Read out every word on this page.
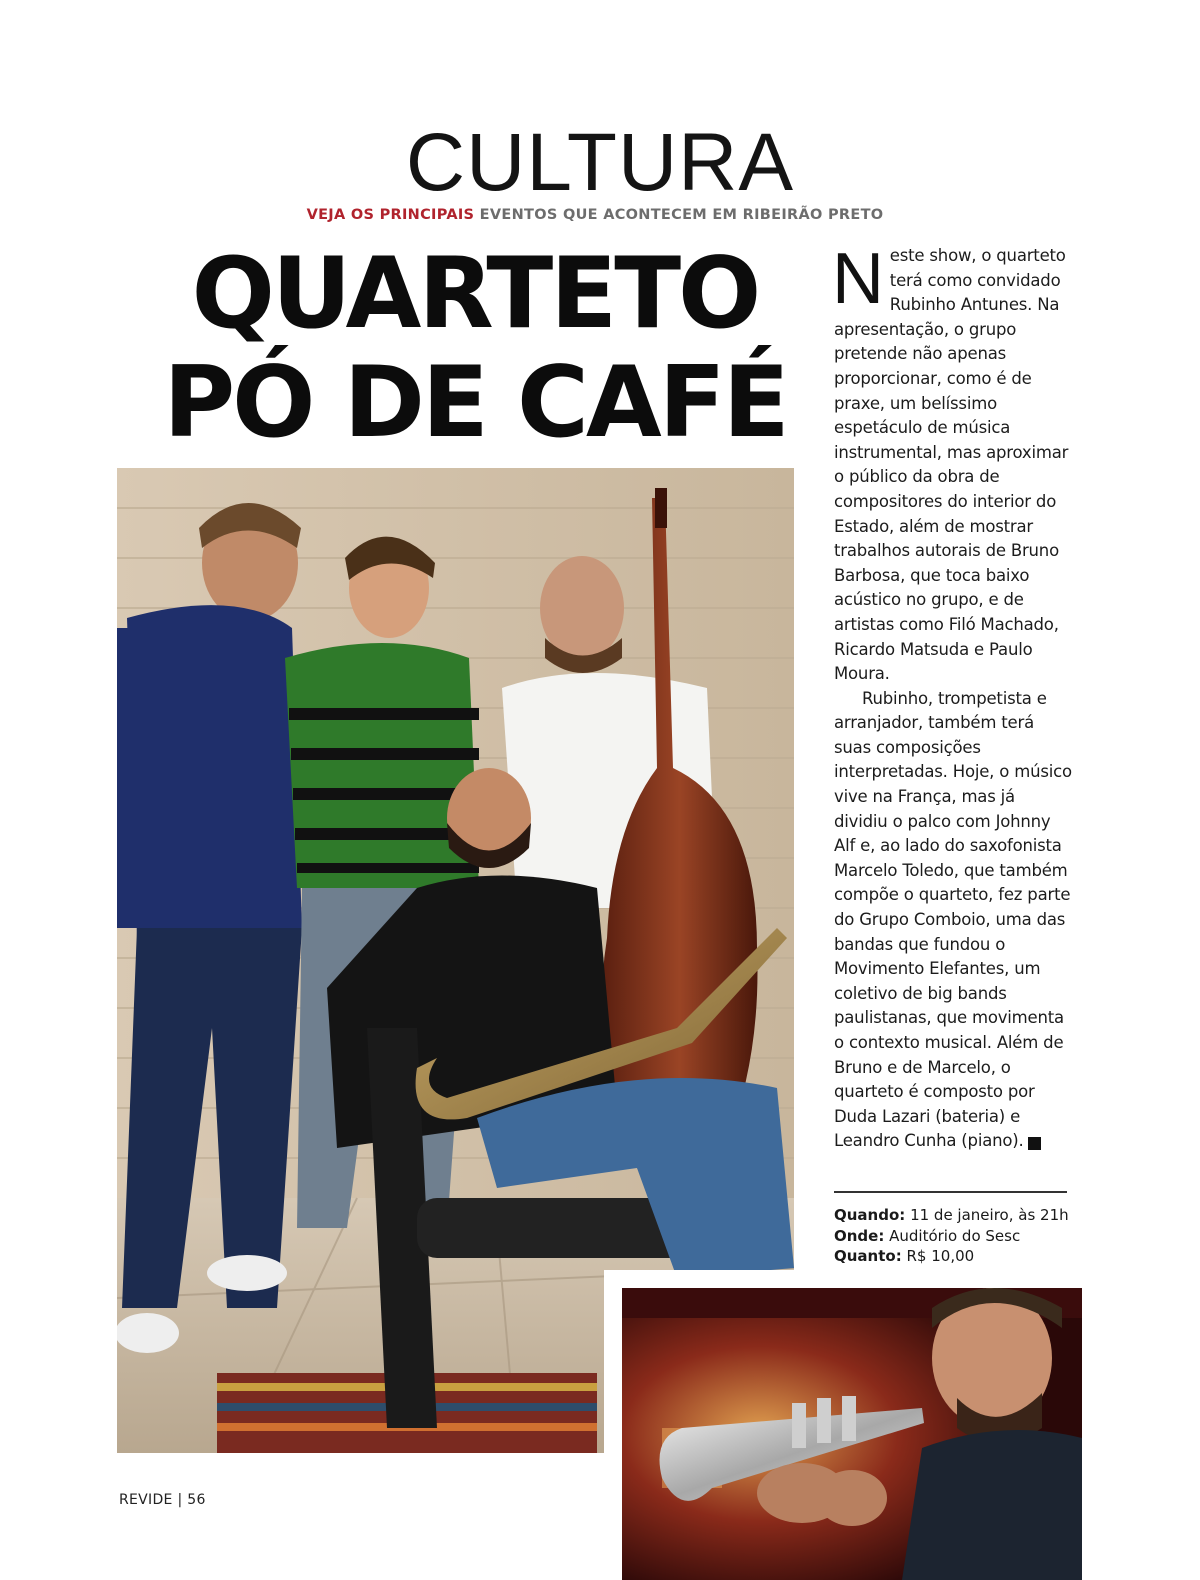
CULTURA
VEJA OS PRINCIPAIS EVENTOS QUE ACONTECEM EM RIBEIRÃO PRETO
QUARTETO
PÓ DE CAFÉ

Neste show, o quarteto terá como convidado Rubinho Antunes. Na apresentação, o grupo pretende não apenas proporcionar, como é de praxe, um belíssimo espetáculo de música instrumental, mas aproximar o público da obra de compositores do interior do Estado, além de mostrar trabalhos autorais de Bruno Barbosa, que toca baixo acústico no grupo, e de artistas como Filó Machado, Ricardo Matsuda e Paulo Moura.

Rubinho, trompetista e arranjador, também terá suas composições interpretadas. Hoje, o músico vive na França, mas já dividiu o palco com Johnny Alf e, ao lado do saxofonista Marcelo Toledo, que também compõe o quarteto, fez parte do Grupo Comboio, uma das bandas que fundou o Movimento Elefantes, um coletivo de big bands paulistanas, que movimenta o contexto musical. Além de Bruno e de Marcelo, o quarteto é composto por Duda Lazari (bateria) e Leandro Cunha (piano).	r

Quando: 11 de janeiro, às 21h
Onde: Auditório do Sesc
Quanto: R$ 10,00
REVIDE | 56
